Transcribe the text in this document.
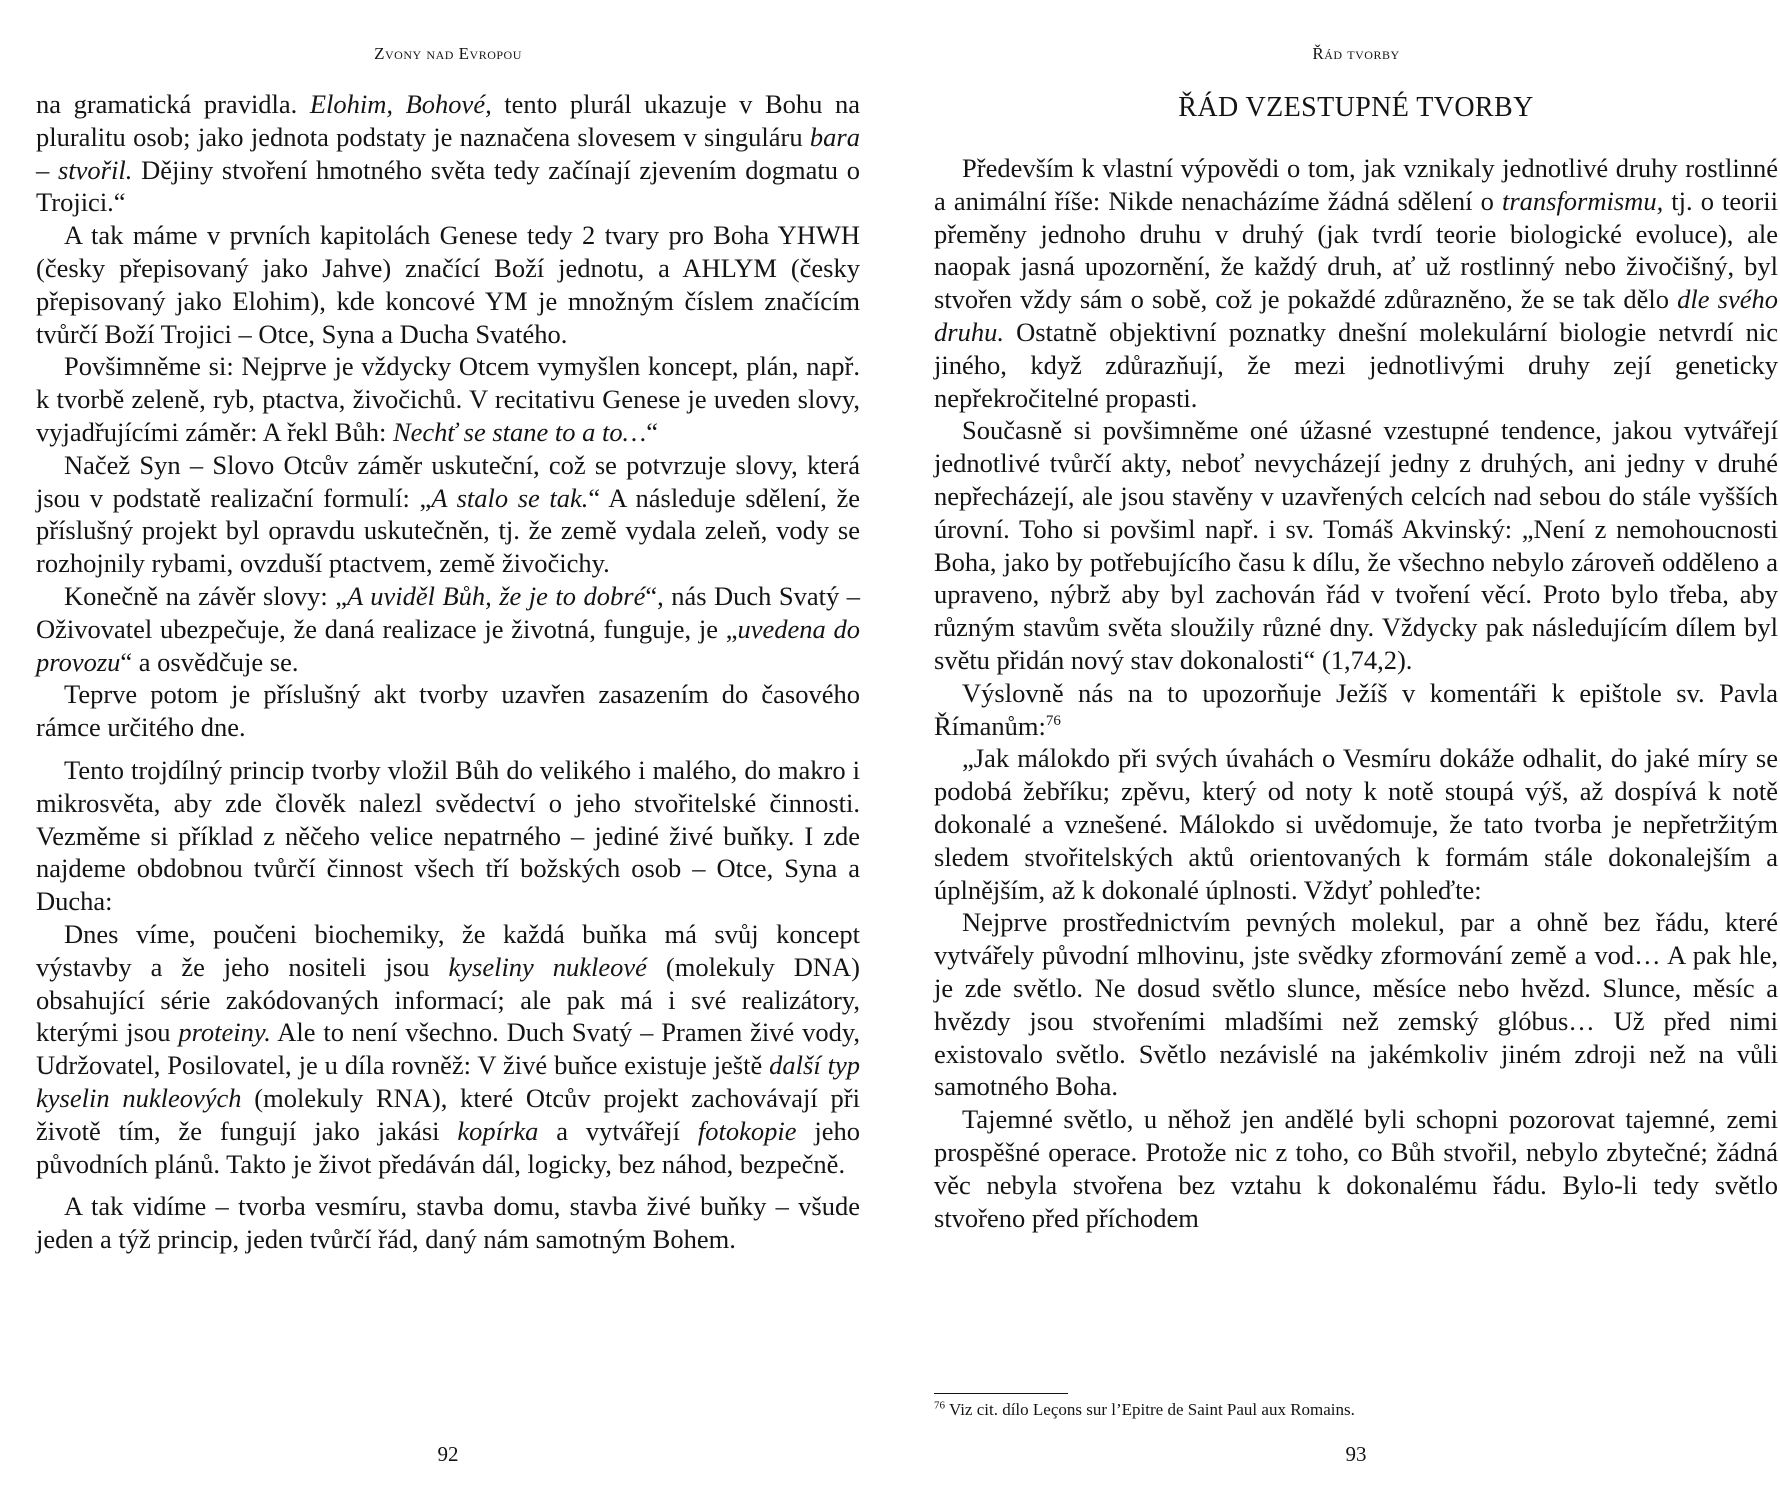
Zvony nad Evropou

na gramatická pravidla. Elohim, Bohové, tento plurál ukazuje v Bohu na pluralitu osob; jako jednota podstaty je naznačena slovesem v singuláru bara – stvořil. Dějiny stvoření hmotného světa tedy začínají zjevením dogmatu o Trojici.“

A tak máme v prvních kapitolách Genese tedy 2 tvary pro Boha YHWH (česky přepisovaný jako Jahve) značící Boží jednotu, a AHLYM (česky přepisovaný jako Elohim), kde koncové YM je množným číslem značícím tvůrčí Boží Trojici – Otce, Syna a Ducha Svatého.

Povšimněme si: Nejprve je vždycky Otcem vymyšlen koncept, plán, např. k tvorbě zeleně, ryb, ptactva, živočichů. V recitativu Genese je uveden slovy, vyjadřujícími záměr: A řekl Bůh: Nechť se stane to a to…“

Načež Syn – Slovo Otcův záměr uskuteční, což se potvrzuje slovy, která jsou v podstatě realizační formulí: „A stalo se tak.“ A následuje sdělení, že příslušný projekt byl opravdu uskutečněn, tj. že země vydala zeleň, vody se rozhojnily rybami, ovzduší ptactvem, země živočichy.

Konečně na závěr slovy: „A uviděl Bůh, že je to dobré“, nás Duch Svatý – Oživovatel ubezpečuje, že daná realizace je životná, funguje, je „uvedena do provozu“ a osvědčuje se.

Teprve potom je příslušný akt tvorby uzavřen zasazením do časového rámce určitého dne.

Tento trojdílný princip tvorby vložil Bůh do velikého i malého, do makro i mikrosvěta, aby zde člověk nalezl svědectví o jeho stvořitelské činnosti. Vezměme si příklad z něčeho velice nepatrného – jediné živé buňky. I zde najdeme obdobnou tvůrčí činnost všech tří božských osob – Otce, Syna a Ducha:

Dnes víme, poučeni biochemiky, že každá buňka má svůj koncept výstavby a že jeho nositeli jsou kyseliny nukleové (molekuly DNA) obsahující série zakódovaných informací; ale pak má i své realizátory, kterými jsou proteiny. Ale to není všechno. Duch Svatý – Pramen živé vody, Udržovatel, Posilovatel, je u díla rovněž: V živé buňce existuje ještě další typ kyselin nukleových (molekuly RNA), které Otcův projekt zachovávají při životě tím, že fungují jako jakási kopírka a vytvářejí fotokopie jeho původních plánů. Takto je život předáván dál, logicky, bez náhod, bezpečně.

A tak vidíme – tvorba vesmíru, stavba domu, stavba živé buňky – všude jeden a týž princip, jeden tvůrčí řád, daný nám samotným Bohem.

92
Řád tvorby
ŘÁD VZESTUPNÉ TVORBY

Především k vlastní výpovědi o tom, jak vznikaly jednotlivé druhy rostlinné a animální říše: Nikde nenacházíme žádná sdělení o transformismu, tj. o teorii přeměny jednoho druhu v druhý (jak tvrdí teorie biologické evoluce), ale naopak jasná upozornění, že každý druh, ať už rostlinný nebo živočišný, byl stvořen vždy sám o sobě, což je pokaždé zdůrazněno, že se tak dělo dle svého druhu. Ostatně objektivní poznatky dnešní molekulární biologie netvrdí nic jiného, když zdůrazňují, že mezi jednotlivými druhy zejí geneticky nepřekročitelné propasti.

Současně si povšimněme oné úžasné vzestupné tendence, jakou vytvářejí jednotlivé tvůrčí akty, neboť nevycházejí jedny z druhých, ani jedny v druhé nepřecházejí, ale jsou stavěny v uzavřených celcích nad sebou do stále vyšších úrovní. Toho si povšiml např. i sv. Tomáš Akvinský: „Není z nemohoucnosti Boha, jako by potřebujícího času k dílu, že všechno nebylo zároveň odděleno a upraveno, nýbrž aby byl zachován řád v tvoření věcí. Proto bylo třeba, aby různým stavům světa sloužily různé dny. Vždycky pak následujícím dílem byl světu přidán nový stav dokonalosti“ (1,74,2).

Výslovně nás na to upozorňuje Ježíš v komentáři k epištole sv. Pavla Římanům:$^{76}$

„Jak málokdo při svých úvahách o Vesmíru dokáže odhalit, do jaké míry se podobá žebříku; zpěvu, který od noty k notě stoupá výš, až dospívá k notě dokonalé a vznešené. Málokdo si uvědomuje, že tato tvorba je nepřetržitým sledem stvořitelských aktů orientovaných k formám stále dokonalejším a úplnějším, až k dokonalé úplnosti. Vždyť pohleďte:

Nejprve prostřednictvím pevných molekul, par a ohně bez řádu, které vytvářely původní mlhovinu, jste svědky zformování země a vod… A pak hle, je zde světlo. Ne dosud světlo slunce, měsíce nebo hvězd. Slunce, měsíc a hvězdy jsou stvořeními mladšími než zemský glóbus… Už před nimi existovalo světlo. Světlo nezávislé na jakémkoliv jiném zdroji než na vůli samotného Boha.

Tajemné světlo, u něhož jen andělé byli schopni pozorovat tajemné, zemi prospěšné operace. Protože nic z toho, co Bůh stvořil, nebylo zbytečné; žádná věc nebyla stvořena bez vztahu k dokonalému řádu. Bylo-li tedy světlo stvořeno před příchodem

$^{76}$ Viz cit. dílo Leçons sur l’Epitre de Saint Paul aux Romains.
93
